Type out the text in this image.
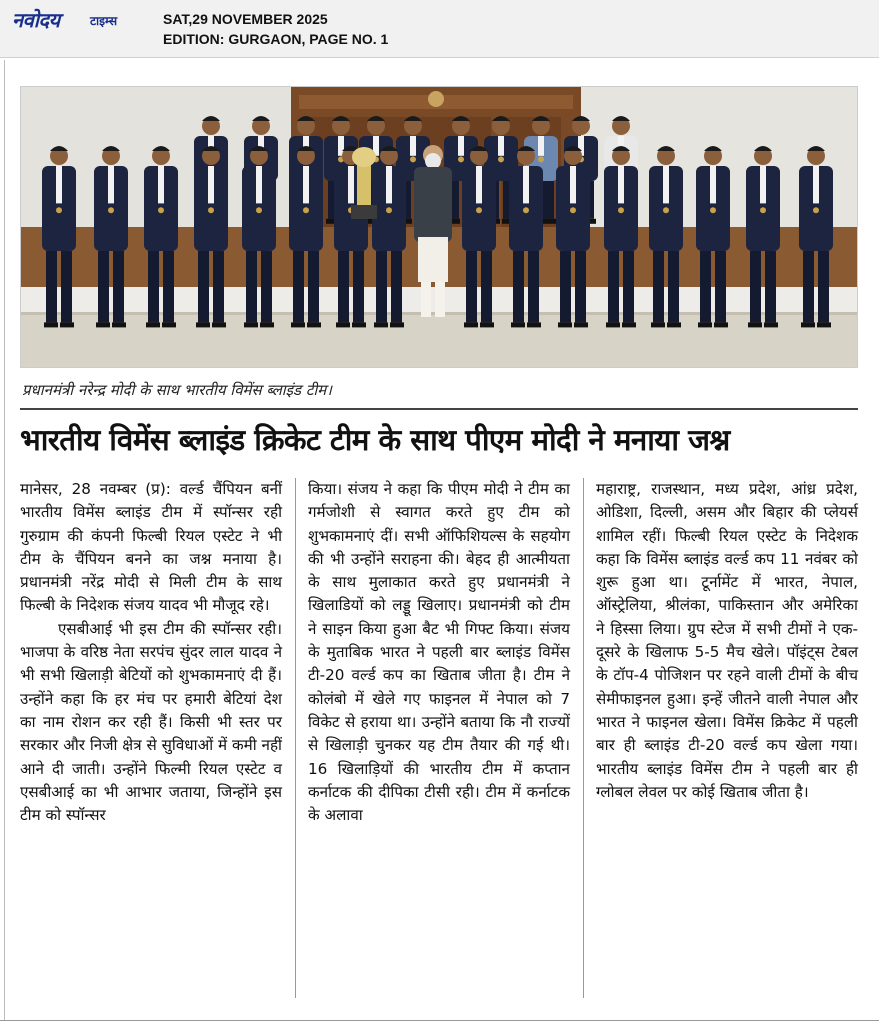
नवोदय	टाइम्स	SAT,29 NOVEMBER 2025
EDITION: GURGAON, PAGE NO. 1
प्रधानमंत्री नरेन्द्र मोदी के साथ भारतीय विमेंस ब्लाइंड टीम।
भारतीय विमेंस ब्लाइंड क्रिकेट टीम के साथ पीएम मोदी ने मनाया जश्न

मानेसर, 28 नवम्बर (प्र): वर्ल्ड चैंपियन बनीं भारतीय विमेंस ब्लाइंड टीम में स्पॉन्सर रही गुरुग्राम की कंपनी फिल्बी रियल एस्टेट ने भी टीम के चैंपियन बनने का जश्न मनाया है। प्रधानमंत्री नरेंद्र मोदी से मिली टीम के साथ फिल्बी के निदेशक संजय यादव भी मौजूद रहे।

एसबीआई भी इस टीम की स्पॉन्सर रही। भाजपा के वरिष्ठ नेता सरपंच सुंदर लाल यादव ने भी सभी खिलाड़ी बेटियों को शुभकामनाएं दी हैं। उन्होंने कहा कि हर मंच पर हमारी बेटियां देश का नाम रोशन कर रही हैं। किसी भी स्तर पर सरकार और निजी क्षेत्र से सुविधाओं में कमी नहीं आने दी जाती। उन्होंने फिल्मी रियल एस्टेट व एसबीआई का भी आभार जताया, जिन्होंने इस टीम को स्पॉन्सर

किया। संजय ने कहा कि पीएम मोदी ने टीम का गर्मजोशी से स्वागत करते हुए टीम को शुभकामनाएं दीं। सभी ऑफिशियल्स के सहयोग की भी उन्होंने सराहना की। बेहद ही आत्मीयता के साथ मुलाकात करते हुए प्रधानमंत्री ने खिलाडियों को लड्डू खिलाए। प्रधानमंत्री को टीम ने साइन किया हुआ बैट भी गिफ्ट किया। संजय के मुताबिक भारत ने पहली बार ब्लाइंड विमेंस टी-20 वर्ल्ड कप का खिताब जीता है। टीम ने कोलंबो में खेले गए फाइनल में नेपाल को 7 विकेट से हराया था। उन्होंने बताया कि नौ राज्यों से खिलाड़ी चुनकर यह टीम तैयार की गई थी। 16 खिलाड़ियों की भारतीय टीम में कप्तान कर्नाटक की दीपिका टीसी रही। टीम में कर्नाटक के अलावा

महाराष्ट्र, राजस्थान, मध्य प्रदेश, आंध्र प्रदेश, ओडिशा, दिल्ली, असम और बिहार की प्लेयर्स शामिल रहीं। फिल्बी रियल एस्टेट के निदेशक कहा कि विमेंस ब्लाइंड वर्ल्ड कप 11 नवंबर को शुरू हुआ था। टूर्नामेंट में भारत, नेपाल, ऑस्ट्रेलिया, श्रीलंका, पाकिस्तान और अमेरिका ने हिस्सा लिया। ग्रुप स्टेज में सभी टीमों ने एक-दूसरे के खिलाफ 5-5 मैच खेले। पॉइंट्स टेबल के टॉप-4 पोजिशन पर रहने वाली टीमों के बीच सेमीफाइनल हुआ। इन्हें जीतने वाली नेपाल और भारत ने फाइनल खेला। विमेंस क्रिकेट में पहली बार ही ब्लाइंड टी-20 वर्ल्ड कप खेला गया। भारतीय ब्लाइंड विमेंस टीम ने पहली बार ही ग्लोबल लेवल पर कोई खिताब जीता है।
